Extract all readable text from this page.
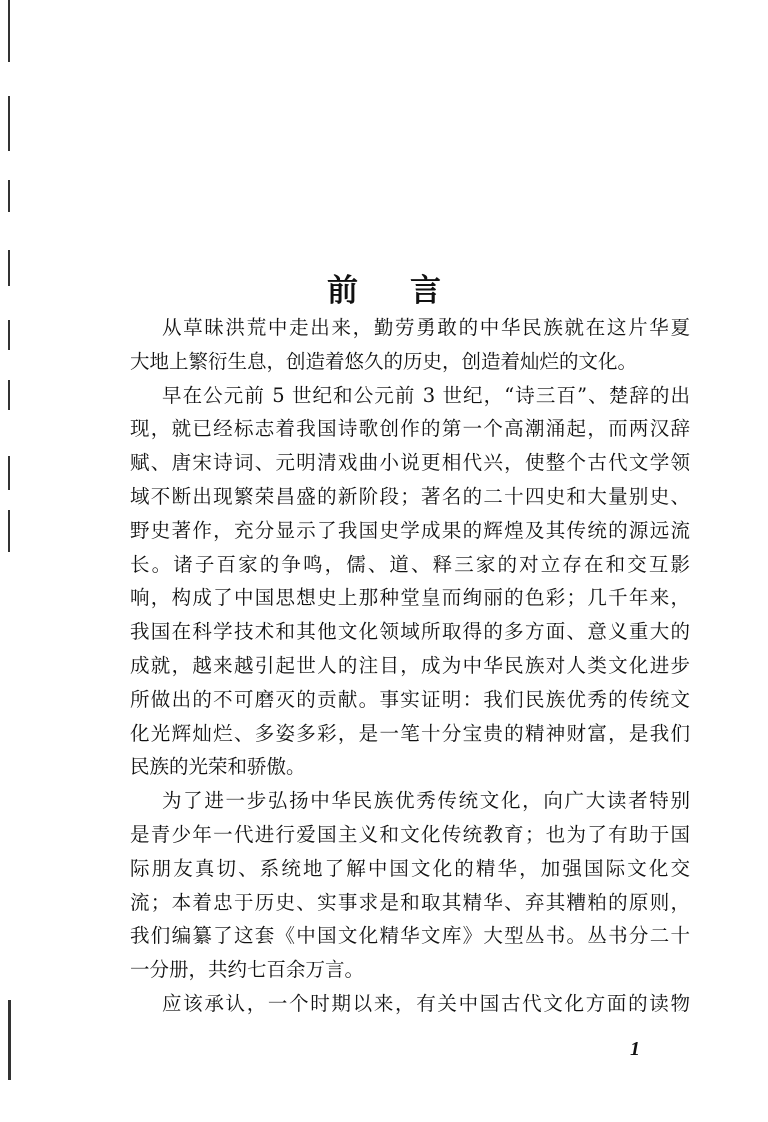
前 言
从草昧洪荒中走出来，勤劳勇敢的中华民族就在这片华夏
大地上繁衍生息，创造着悠久的历史，创造着灿烂的文化。
早在公元前 5 世纪和公元前 3 世纪，“诗三百”、楚辞的出
现，就已经标志着我国诗歌创作的第一个高潮涌起，而两汉辞
赋、唐宋诗词、元明清戏曲小说更相代兴，使整个古代文学领
域不断出现繁荣昌盛的新阶段；著名的二十四史和大量别史、
野史著作，充分显示了我国史学成果的辉煌及其传统的源远流
长。诸子百家的争鸣，儒、道、释三家的对立存在和交互影
响，构成了中国思想史上那种堂皇而绚丽的色彩；几千年来，
我国在科学技术和其他文化领域所取得的多方面、意义重大的
成就，越来越引起世人的注目，成为中华民族对人类文化进步
所做出的不可磨灭的贡献。事实证明：我们民族优秀的传统文
化光辉灿烂、多姿多彩，是一笔十分宝贵的精神财富，是我们
民族的光荣和骄傲。
为了进一步弘扬中华民族优秀传统文化，向广大读者特别
是青少年一代进行爱国主义和文化传统教育；也为了有助于国
际朋友真切、系统地了解中国文化的精华，加强国际文化交
流；本着忠于历史、实事求是和取其精华、弃其糟粕的原则，
我们编纂了这套《中国文化精华文库》大型丛书。丛书分二十
一分册，共约七百余万言。
应该承认，一个时期以来，有关中国古代文化方面的读物
1
